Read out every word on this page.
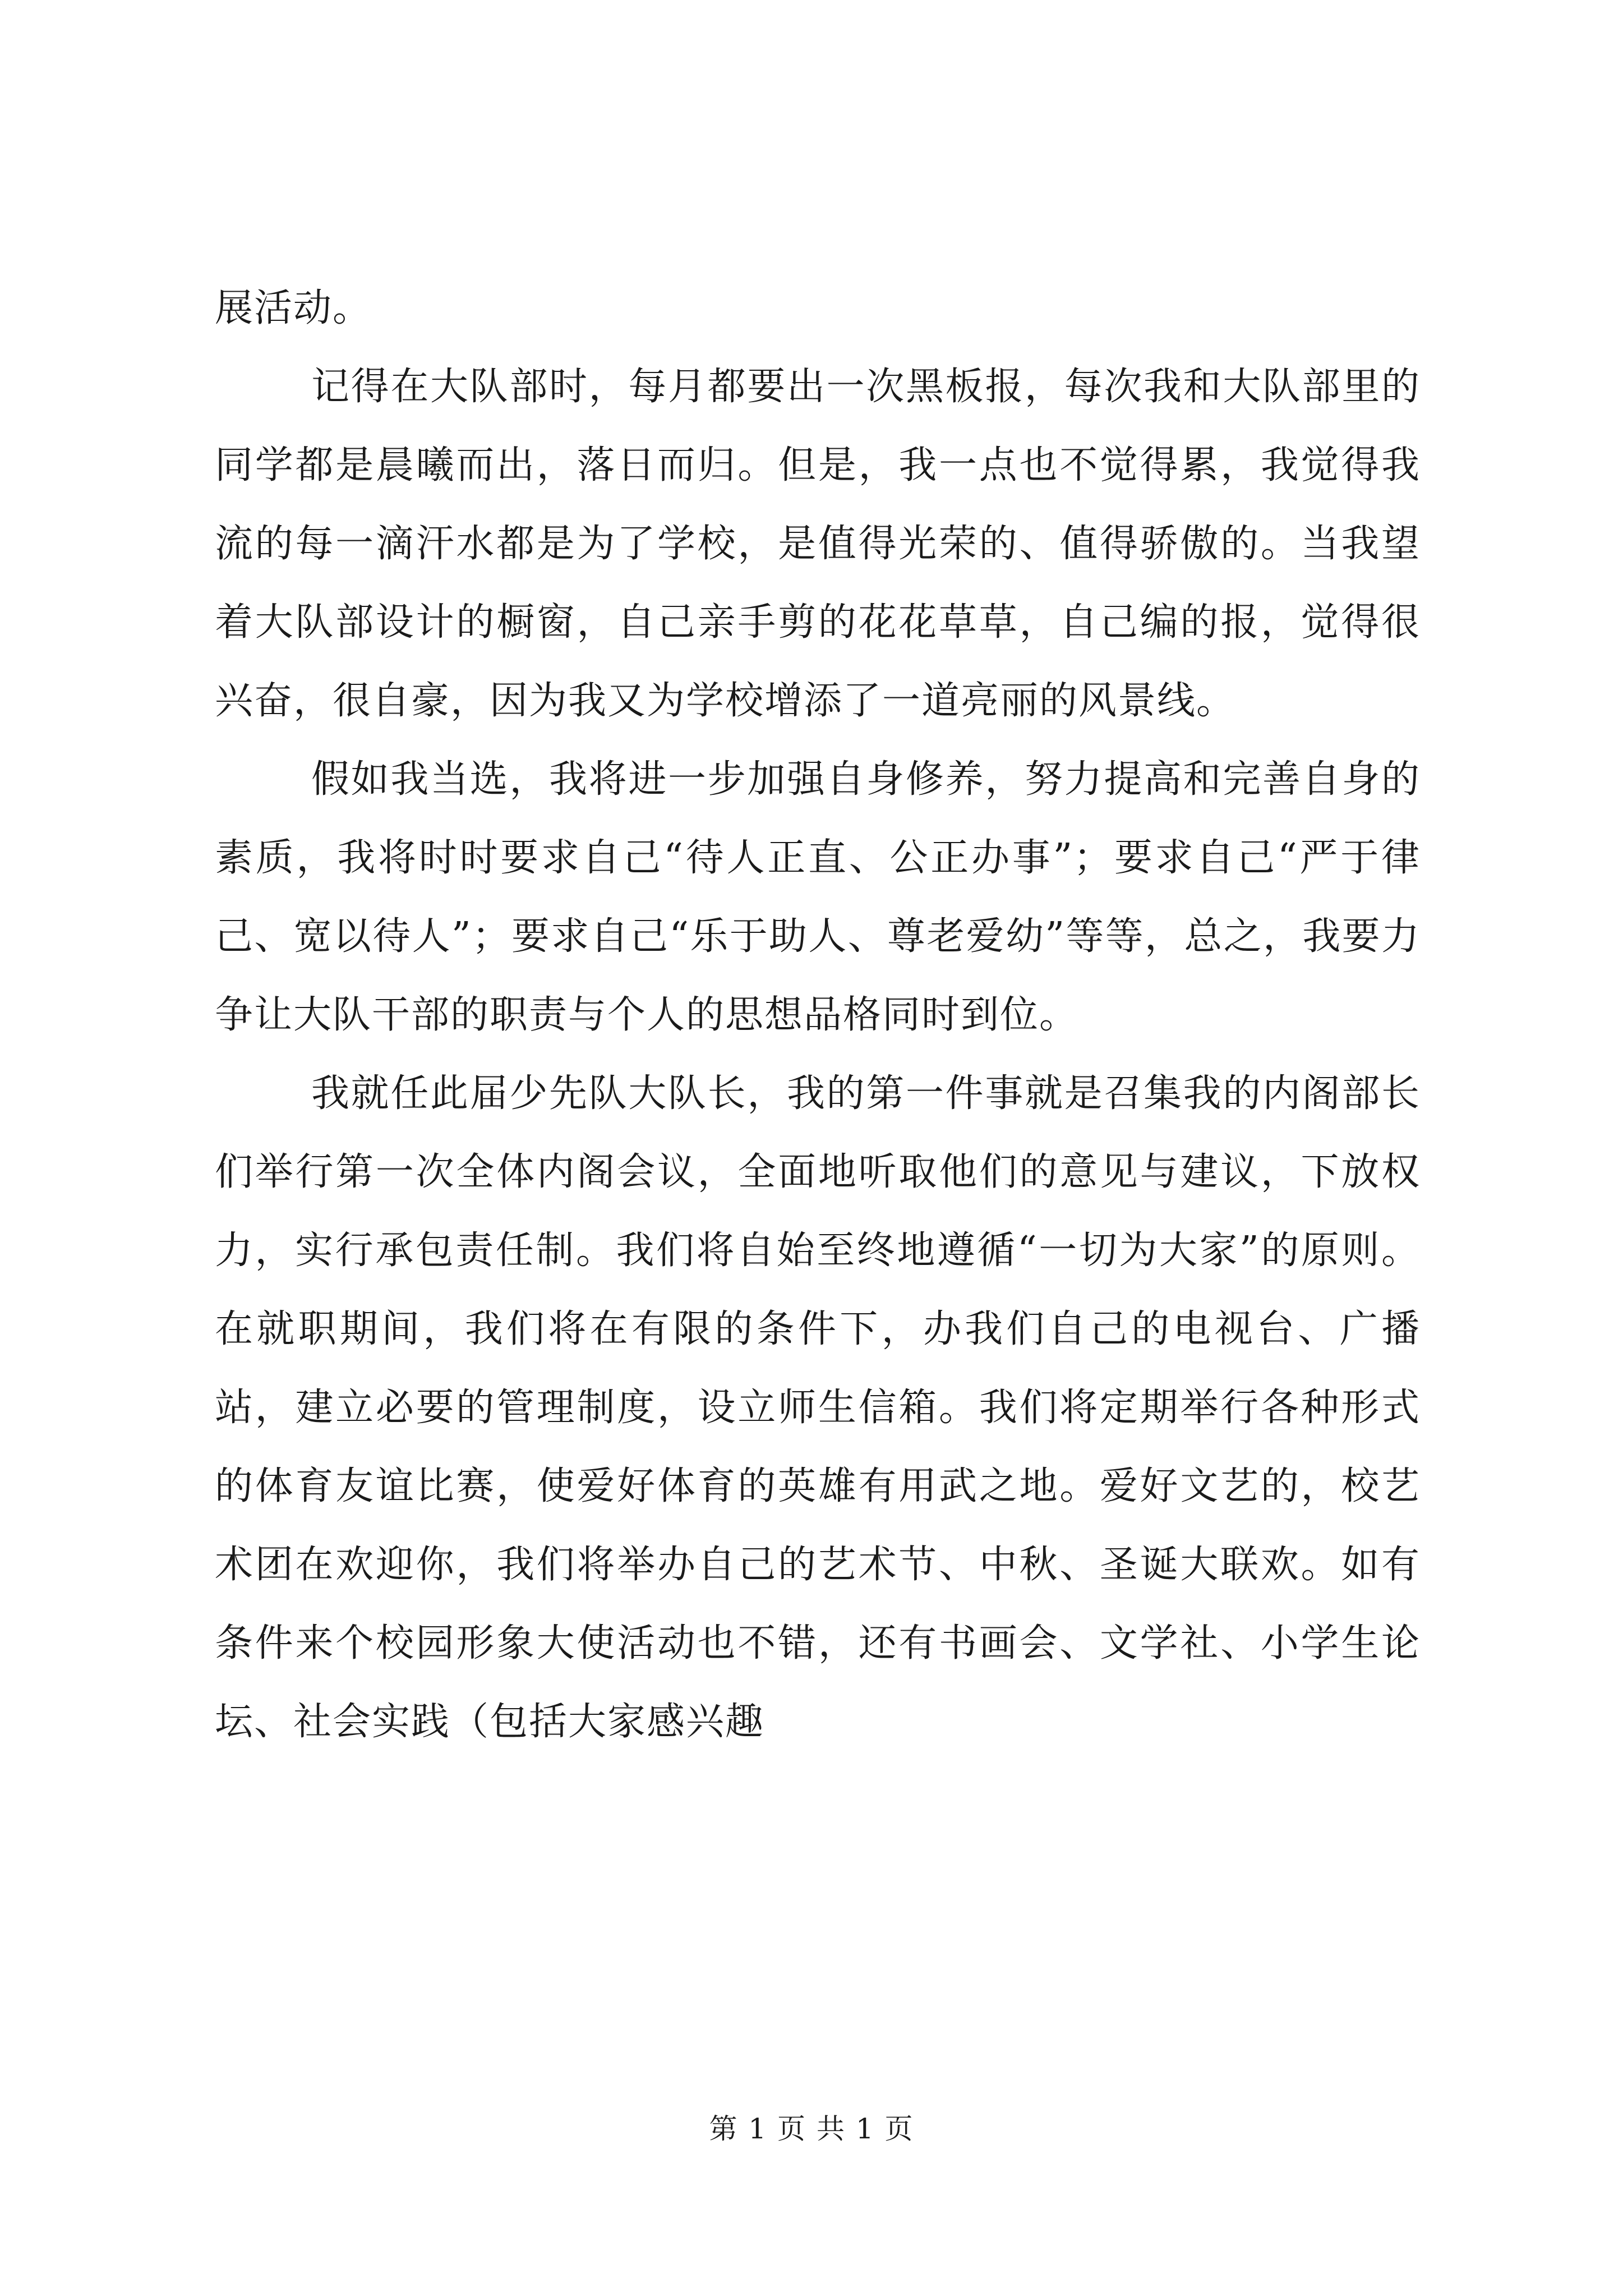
展活动。

记得在大队部时，每月都要出一次黑板报，每次我和大队部里的同学都是晨曦而出，落日而归。但是，我一点也不觉得累，我觉得我流的每一滴汗水都是为了学校，是值得光荣的、值得骄傲的。当我望着大队部设计的橱窗，自己亲手剪的花花草草，自己编的报，觉得很兴奋，很自豪，因为我又为学校增添了一道亮丽的风景线。

假如我当选，我将进一步加强自身修养，努力提高和完善自身的素质，我将时时要求自己“待人正直、公正办事”；要求自己“严于律己、宽以待人”；要求自己“乐于助人、尊老爱幼”等等，总之，我要力争让大队干部的职责与个人的思想品格同时到位。

我就任此届少先队大队长，我的第一件事就是召集我的内阁部长们举行第一次全体内阁会议，全面地听取他们的意见与建议，下放权力，实行承包责任制。我们将自始至终地遵循“一切为大家”的原则。在就职期间，我们将在有限的条件下，办我们自己的电视台、广播站，建立必要的管理制度，设立师生信箱。我们将定期举行各种形式的体育友谊比赛，使爱好体育的英雄有用武之地。爱好文艺的，校艺术团在欢迎你，我们将举办自己的艺术节、中秋、圣诞大联欢。如有条件来个校园形象大使活动也不错，还有书画会、文学社、小学生论坛、社会实践（包括大家感兴趣

第 1 页 共 1 页
